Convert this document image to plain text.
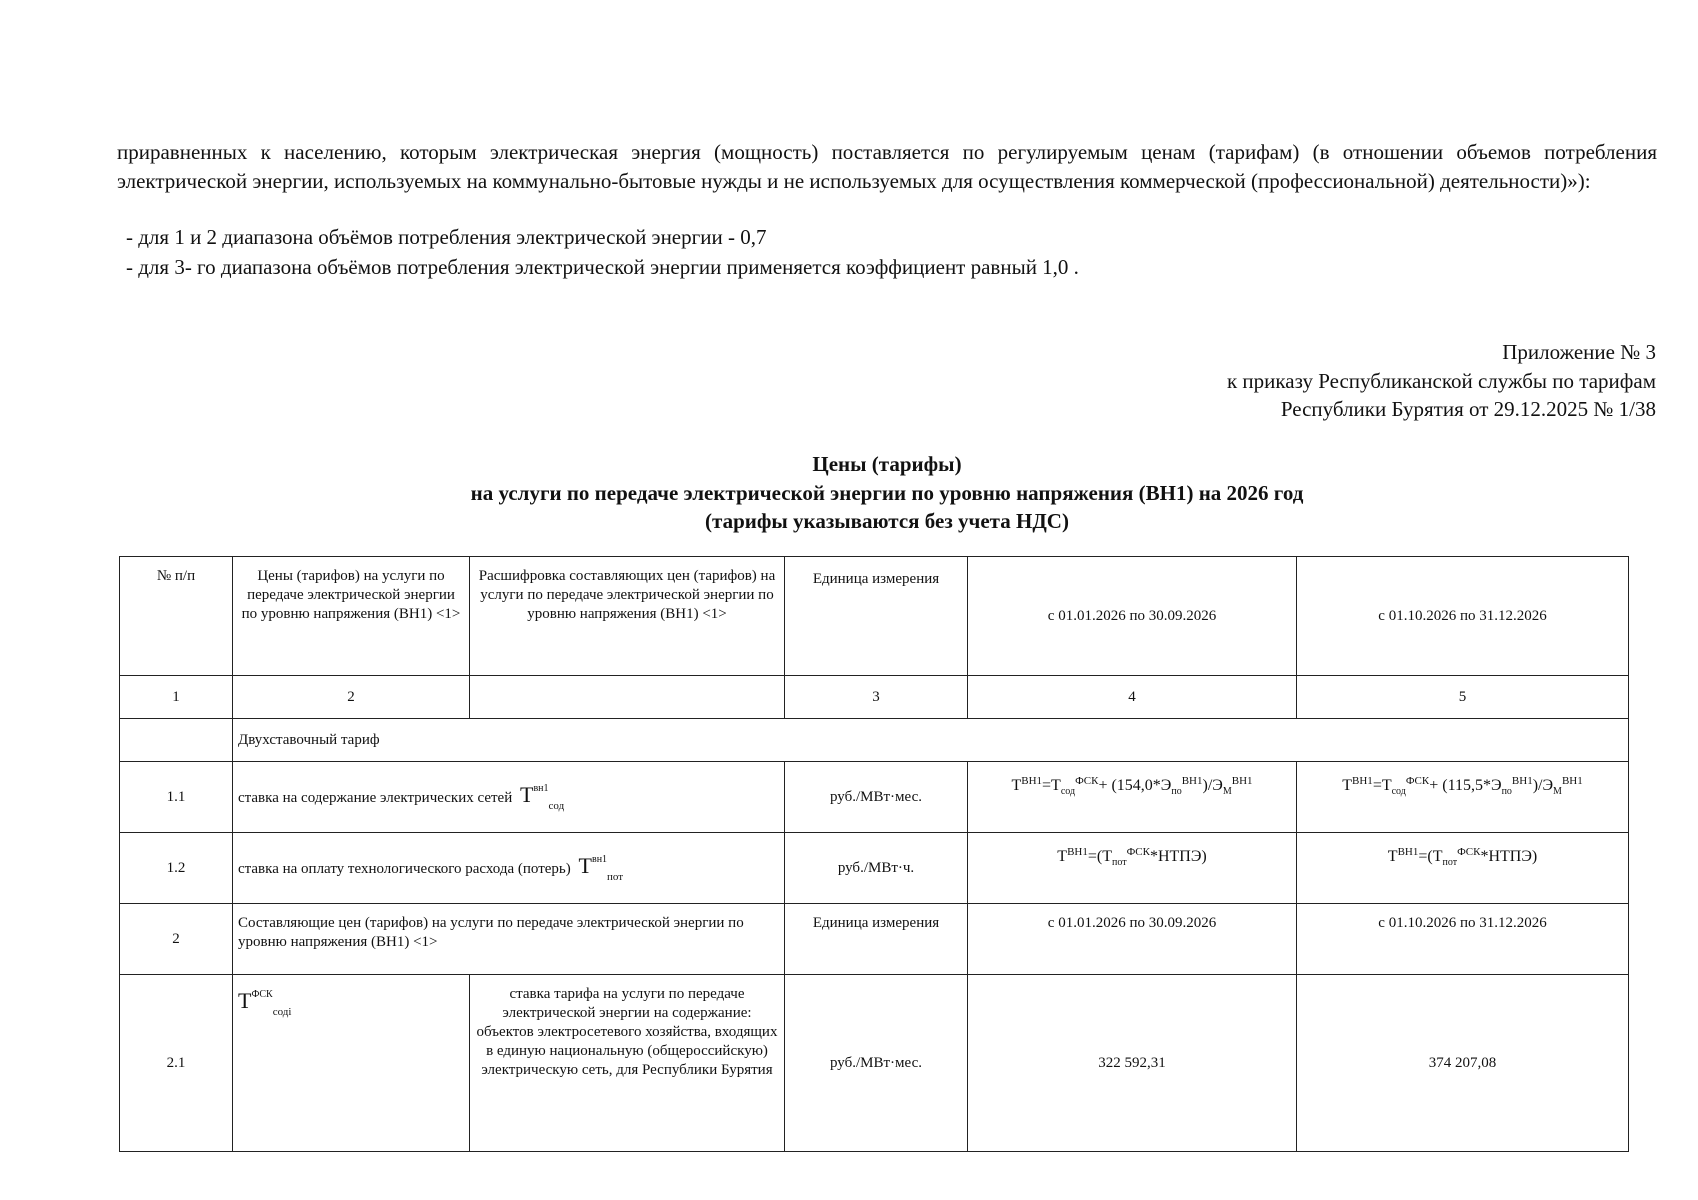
приравненных к населению, которым электрическая энергия (мощность) поставляется по регулируемым ценам (тарифам) (в отношении объемов потребления электрической энергии, используемых на коммунально-бытовые нужды и не используемых для осуществления коммерческой (профессиональной) деятельности)»):
- для 1 и 2 диапазона объёмов потребления электрической энергии - 0,7
- для 3- го диапазона объёмов потребления электрической энергии применяется коэффициент равный 1,0 .
Приложение № 3
к приказу Республиканской службы по тарифам
Республики Бурятия от 29.12.2025 № 1/38
Цены (тарифы)
на услуги по передаче электрической энергии по уровню напряжения (ВН1) на 2026 год
(тарифы указываются без учета НДС)
№ п/п	Цены (тарифов) на услуги по передаче электрической энергии по уровню напряжения (ВН1) <1>	Расшифровка составляющих цен (тарифов) на услуги по передаче электрической энергии по уровню напряжения (ВН1) <1>	Единица измерения	с 01.01.2026 по 30.09.2026	с 01.10.2026 по 31.12.2026
1	2		3	4	5
	Двухставочный тариф				
1.1	ставка на содержание электрических сетей $Т^{вн1}_{сод}$		руб./МВт·мес.	$Т^{ВН1}=Т_{сод}^{ФСК}+ (154,0*Э_{по}^{ВН1})/Э_М^{ВН1}$	$Т^{ВН1}=Т_{сод}^{ФСК}+ (115,5*Э_{по}^{ВН1})/Э_М^{ВН1}$
1.2	ставка на оплату технологического расхода (потерь) $Т^{вн1}_{пот}$		руб./МВт·ч.	$Т^{ВН1}=(Т_{пот}^{ФСК}*НТПЭ)$	$Т^{ВН1}=(Т_{пот}^{ФСК}*НТПЭ)$
2	Составляющие цен (тарифов) на услуги по передаче электрической энергии по уровню напряжения (ВН1) <1>		Единица измерения	с 01.01.2026 по 30.09.2026	с 01.10.2026 по 31.12.2026
2.1	$Т^{ФСК}_{содi}$	ставка тарифа на услуги по передаче электрической энергии на содержание: объектов электросетевого хозяйства, входящих в единую национальную (общероссийскую) электрическую сеть, для Республики Бурятия	руб./МВт·мес.	322 592,31	374 207,08
